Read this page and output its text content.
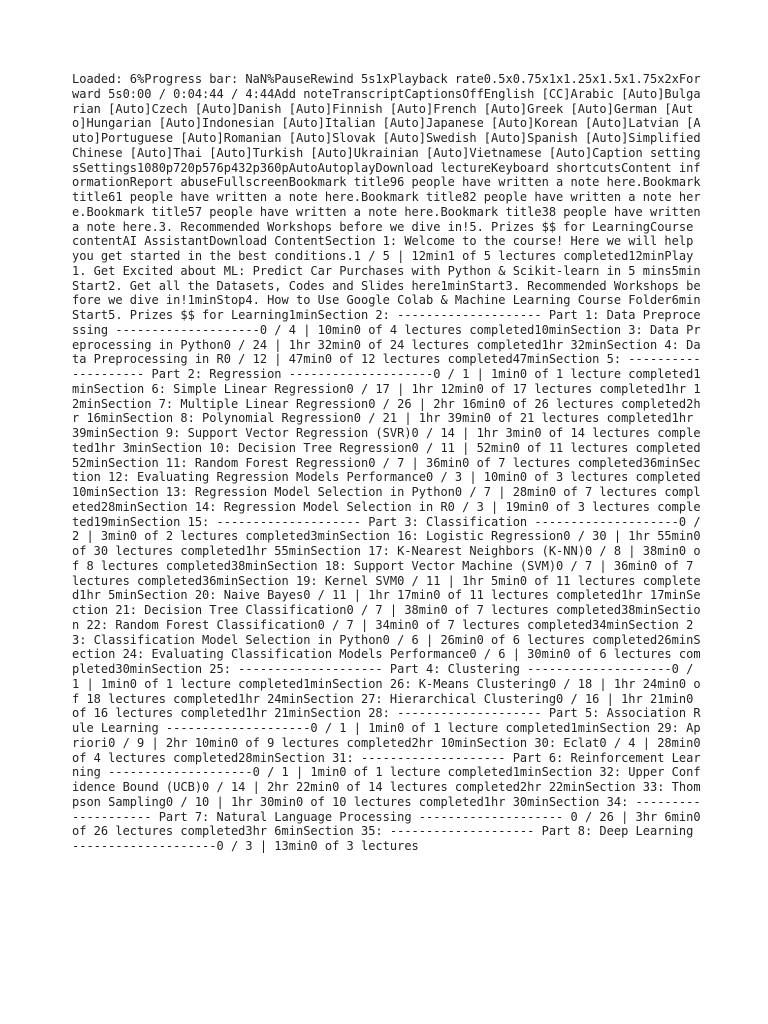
Loaded: 6%Progress bar: NaN%PauseRewind 5s1xPlayback rate0.5x0.75x1x1.25x1.5x1.75x2xForward 5s0:00 / 0:04:44 / 4:44Add noteTranscriptCaptionsOffEnglish [CC]Arabic [Auto]Bulgarian [Auto]Czech [Auto]Danish [Auto]Finnish [Auto]French [Auto]Greek [Auto]German [Auto]Hungarian [Auto]Indonesian [Auto]Italian [Auto]Japanese [Auto]Korean [Auto]Latvian [Auto]Portuguese [Auto]Romanian [Auto]Slovak [Auto]Swedish [Auto]Spanish [Auto]Simplified Chinese [Auto]Thai [Auto]Turkish [Auto]Ukrainian [Auto]Vietnamese [Auto]Caption settingsSettings1080p720p576p432p360pAutoAutoplayDownload lectureKeyboard shortcutsContent informationReport abuseFullscreenBookmark title96 people have written a note here.Bookmark title61 people have written a note here.Bookmark title82 people have written a note here.Bookmark title57 people have written a note here.Bookmark title38 people have written a note here.3. Recommended Workshops before we dive in!5. Prizes $$ for LearningCourse contentAI AssistantDownload ContentSection 1: Welcome to the course! Here we will help you get started in the best conditions.1 / 5 | 12min1 of 5 lectures completed12minPlay1. Get Excited about ML: Predict Car Purchases with Python & Scikit-learn in 5 mins5minStart2. Get all the Datasets, Codes and Slides here1minStart3. Recommended Workshops before we dive in!1minStop4. How to Use Google Colab & Machine Learning Course Folder6minStart5. Prizes $$ for Learning1minSection 2: -------------------- Part 1: Data Preprocessing --------------------0 / 4 | 10min0 of 4 lectures completed10minSection 3: Data Preprocessing in Python0 / 24 | 1hr 32min0 of 24 lectures completed1hr 32minSection 4: Data Preprocessing in R0 / 12 | 47min0 of 12 lectures completed47minSection 5: -------------------- Part 2: Regression --------------------0 / 1 | 1min0 of 1 lecture completed1minSection 6: Simple Linear Regression0 / 17 | 1hr 12min0 of 17 lectures completed1hr 12minSection 7: Multiple Linear Regression0 / 26 | 2hr 16min0 of 26 lectures completed2hr 16minSection 8: Polynomial Regression0 / 21 | 1hr 39min0 of 21 lectures completed1hr 39minSection 9: Support Vector Regression (SVR)0 / 14 | 1hr 3min0 of 14 lectures completed1hr 3minSection 10: Decision Tree Regression0 / 11 | 52min0 of 11 lectures completed52minSection 11: Random Forest Regression0 / 7 | 36min0 of 7 lectures completed36minSection 12: Evaluating Regression Models Performance0 / 3 | 10min0 of 3 lectures completed10minSection 13: Regression Model Selection in Python0 / 7 | 28min0 of 7 lectures completed28minSection 14: Regression Model Selection in R0 / 3 | 19min0 of 3 lectures completed19minSection 15: -------------------- Part 3: Classification --------------------0 / 2 | 3min0 of 2 lectures completed3minSection 16: Logistic Regression0 / 30 | 1hr 55min0 of 30 lectures completed1hr 55minSection 17: K-Nearest Neighbors (K-NN)0 / 8 | 38min0 of 8 lectures completed38minSection 18: Support Vector Machine (SVM)0 / 7 | 36min0 of 7 lectures completed36minSection 19: Kernel SVM0 / 11 | 1hr 5min0 of 11 lectures completed1hr 5minSection 20: Naive Bayes0 / 11 | 1hr 17min0 of 11 lectures completed1hr 17minSection 21: Decision Tree Classification0 / 7 | 38min0 of 7 lectures completed38minSection 22: Random Forest Classification0 / 7 | 34min0 of 7 lectures completed34minSection 23: Classification Model Selection in Python0 / 6 | 26min0 of 6 lectures completed26minSection 24: Evaluating Classification Models Performance0 / 6 | 30min0 of 6 lectures completed30minSection 25: -------------------- Part 4: Clustering --------------------0 / 1 | 1min0 of 1 lecture completed1minSection 26: K-Means Clustering0 / 18 | 1hr 24min0 of 18 lectures completed1hr 24minSection 27: Hierarchical Clustering0 / 16 | 1hr 21min0 of 16 lectures completed1hr 21minSection 28: -------------------- Part 5: Association Rule Learning --------------------0 / 1 | 1min0 of 1 lecture completed1minSection 29: Apriori0 / 9 | 2hr 10min0 of 9 lectures completed2hr 10minSection 30: Eclat0 / 4 | 28min0 of 4 lectures completed28minSection 31: -------------------- Part 6: Reinforcement Learning --------------------0 / 1 | 1min0 of 1 lecture completed1minSection 32: Upper Confidence Bound (UCB)0 / 14 | 2hr 22min0 of 14 lectures completed2hr 22minSection 33: Thompson Sampling0 / 10 | 1hr 30min0 of 10 lectures completed1hr 30minSection 34: -------------------- Part 7: Natural Language Processing -------------------- 0 / 26 | 3hr 6min0 of 26 lectures completed3hr 6minSection 35: -------------------- Part 8: Deep Learning --------------------0 / 3 | 13min0 of 3 lectures
